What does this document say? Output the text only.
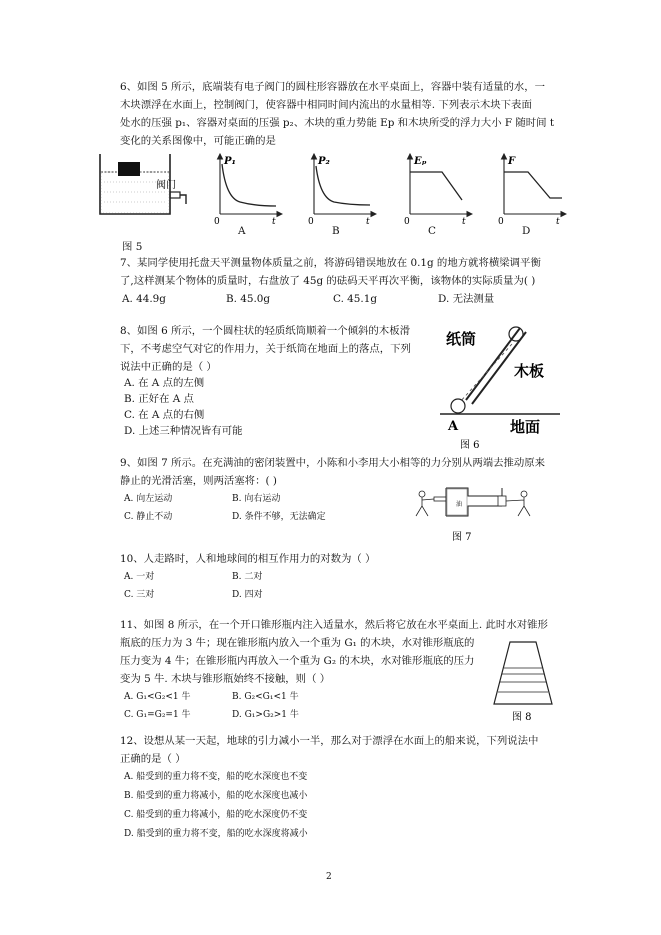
6、如图 5 所示，底端装有电子阀门的圆柱形容器放在水平桌面上，容器中装有适量的水，一
木块漂浮在水面上，控制阀门，使容器中相同时间内流出的水量相等. 下列表示木块下表面
处水的压强 p₁、容器对桌面的压强 p₂、木块的重力势能 Ep 和木块所受的浮力大小 F 随时间 t
变化的关系图像中，可能正确的是
阀门
P₁
0	t
P₂
0	t
Eₚ
0	t
F
0	t
A	B	C	D
图 5
7、某同学使用托盘天平测量物体质量之前，将游码错误地放在 0.1g 的地方就将横梁调平衡
了,这样测某个物体的质量时，右盘放了 45g 的砝码天平再次平衡，该物体的实际质量为( )
A. 44.9g	B. 45.0g	C. 45.1g	D. 无法测量
8、如图 6 所示，一个圆柱状的轻质纸筒顺着一个倾斜的木板滑
下，不考虑空气对它的作用力，关于纸筒在地面上的落点，下列
说法中正确的是（ ）
A. 在 A 点的左侧
B. 正好在 A 点
C. 在 A 点的右侧
D. 上述三种情况皆有可能
纸筒
木板
A	地面
图 6
9、如图 7 所示。在充满油的密闭装置中，小陈和小李用大小相等的力分别从两端去推动原来
静止的光滑活塞，则两活塞将：( )
A. 向左运动	B. 向右运动
C. 静止不动	D. 条件不够，无法确定
油
图 7
10、人走路时，人和地球间的相互作用力的对数为（ ）
A. 一对	B. 二对
C. 三对	D. 四对
11、如图 8 所示，在一个开口锥形瓶内注入适量水，然后将它放在水平桌面上. 此时水对锥形
瓶底的压力为 3 牛；现在锥形瓶内放入一个重为 G₁ 的木块，水对锥形瓶底的
压力变为 4 牛；在锥形瓶内再放入一个重为 G₂ 的木块，水对锥形瓶底的压力
变为 5 牛. 木块与锥形瓶始终不接触，则（ ）
A. G₁<G₂<1 牛	B. G₂<G₁<1 牛
C. G₁=G₂=1 牛	D. G₁>G₂>1 牛	图 8
12、设想从某一天起，地球的引力减小一半，那么对于漂浮在水面上的船来说，下列说法中
正确的是（ ）
A. 船受到的重力将不变，船的吃水深度也不变
B. 船受到的重力将减小，船的吃水深度也减小
C. 船受到的重力将减小，船的吃水深度仍不变
D. 船受到的重力将不变，船的吃水深度将减小
2
